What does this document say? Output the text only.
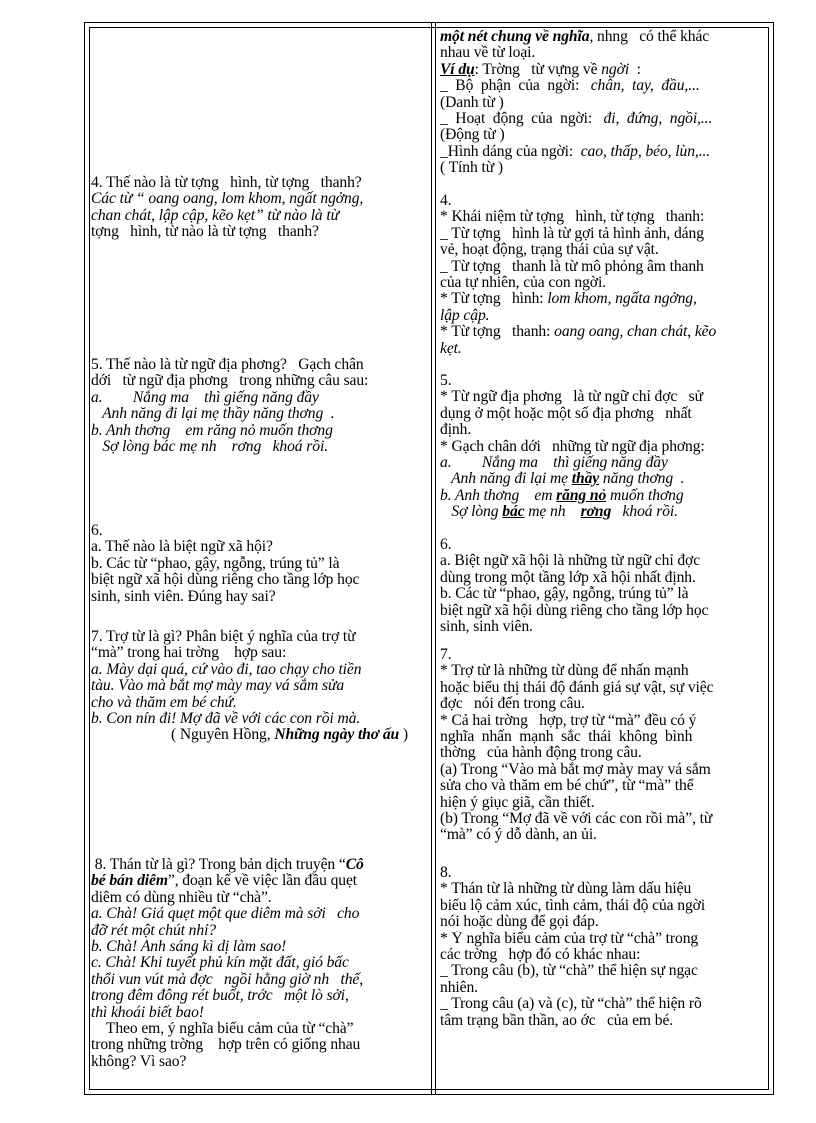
4. Thế nào là từ tợng   hình, từ tợng   thanh?
Các từ “ oang oang, lom khom, ngất ngởng,
chan chát, lập cập, kẽo kẹt” từ nào là từ
tợng   hình, từ nào là từ tợng   thanh?
5. Thế nào là từ ngữ địa phơng?   Gạch chân
dới   từ ngữ địa phơng   trong những câu sau:
a.        Nắng ma    thì giếng năng đầy
Anh năng đi lại mẹ thầy năng thơng  .
b. Anh thơng    em răng nỏ muốn thơng
Sợ lòng bác mẹ nh    rơng   khoá rồi.
6.
a. Thế nào là biệt ngữ xã hội?
b. Các từ “phao, gậy, ngỗng, trúng tủ” là
biệt ngữ xã hội dùng riêng cho tầng lớp học
sinh, sinh viên. Đúng hay sai?
7. Trợ từ là gì? Phân biệt ý nghĩa của trợ từ
“mà” trong hai trờng    hợp sau:
a. Mày dại quá, cứ vào đi, tao chạy cho tiền
tàu. Vào mà bắt mợ mày may vá sắm sửa
cho và thăm em bé chứ.
b. Con nín đi! Mợ đã về với các con rồi mà.
( Nguyên Hồng, Những ngày thơ ấu )
8. Thán từ là gì? Trong bản dịch truyện “Cô
bé bán diêm”, đoạn kể về việc lần đầu quẹt
diêm có dùng nhiều từ “chà”.
a. Chà! Giá quẹt một que diêm mà sởi   cho
đỡ rét một chút nhỉ?
b. Chà! Ánh sáng kì dị làm sao!
c. Chà! Khi tuyết phủ kín mặt đất, gió bấc
thổi vun vút mà đợc   ngồi hằng giờ nh   thế,
trong đêm đông rét buốt, trớc   một lò sởi,
thì khoái biết bao!
Theo em, ý nghĩa biểu cảm của từ “chà”
trong những trờng    hợp trên có giống nhau
không? Vì sao?
một nét chung về nghĩa, nhng   có thể khác
nhau về từ loại.
Ví dụ: Trờng   từ vựng về ngời  :
_  Bộ  phận  của  ngời:   chân,  tay,  đầu,...
(Danh từ )
_  Hoạt  động  của  ngời:   đi,  đứng,  ngồi,...
(Động từ )
_Hình dáng của ngời:  cao, thấp, béo, lùn,...
( Tính từ )
4.
* Khái niệm từ tợng   hình, từ tợng   thanh:
_ Từ tợng   hình là từ gợi tả hình ảnh, dáng
vẻ, hoạt động, trạng thái của sự vật.
_ Từ tợng   thanh là từ mô phỏng âm thanh
của tự nhiên, của con ngời.
* Từ tợng   hình: lom khom, ngấta ngởng,
lập cập.
* Từ tợng   thanh: oang oang, chan chát, kẽo
kẹt.
5.
* Từ ngữ địa phơng   là từ ngữ chỉ đợc   sử
dụng ở một hoặc một số địa phơng   nhất
định.
* Gạch chân dới   những từ ngữ địa phơng:
a.        Nắng ma    thì giếng năng đầy
Anh năng đi lại mẹ thầy năng thơng  .
b. Anh thơng    em răng nỏ muốn thơng
Sợ lòng bác mẹ nh    rơng   khoá rồi.
6.
a. Biệt ngữ xã hội là những từ ngữ chỉ đợc
dùng trong một tầng lớp xã hội nhất định.
b. Các từ “phao, gậy, ngỗng, trúng tủ” là
biệt ngữ xã hội dùng riêng cho tầng lớp học
sinh, sinh viên.
7.
* Trợ từ là những từ dùng để nhấn mạnh
hoặc biểu thị thái độ đánh giá sự vật, sự việc
đợc   nói đến trong câu.
* Cả hai trờng   hợp, trợ từ “mà” đều có ý
nghĩa  nhấn  mạnh  sắc  thái  không  bình
thờng   của hành động trong câu.
(a) Trong “Vào mà bắt mợ mày may vá sắm
sửa cho và thăm em bé chứ”, từ “mà” thể
hiện ý giục giã, cần thiết.
(b) Trong “Mợ đã về với các con rồi mà”, từ
“mà” có ý dỗ dành, an ủi.
8.
* Thán từ là những từ dùng làm dấu hiệu
biểu lộ cảm xúc, tình cảm, thái độ của ngời
nói hoặc dùng để gọi đáp.
* Ý nghĩa biểu cảm của trợ từ “chà” trong
các trờng   hợp đó có khác nhau:
_ Trong câu (b), từ “chà” thể hiện sự ngạc
nhiên.
_ Trong câu (a) và (c), từ “chà” thể hiện rõ
tâm trạng bần thần, ao ớc   của em bé.
